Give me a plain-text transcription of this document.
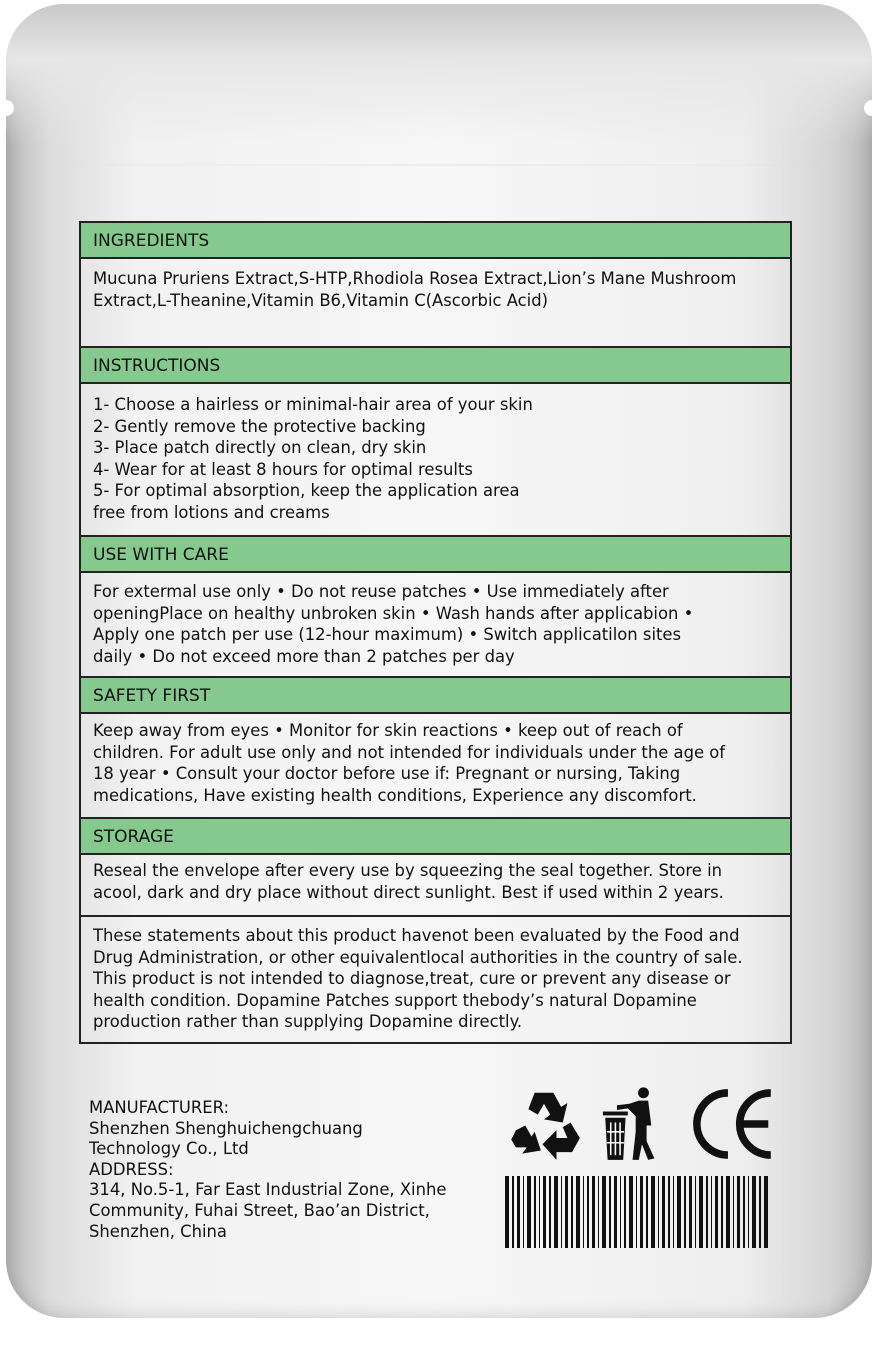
INGREDIENTS
Mucuna Pruriens Extract,S-HTP,Rhodiola Rosea Extract,Lion’s Mane Mushroom
Extract,L-Theanine,Vitamin B6,Vitamin C(Ascorbic Acid)
INSTRUCTIONS
1- Choose a hairless or minimal-hair area of your skin
2- Gently remove the protective backing
3- Place patch directly on clean, dry skin
4- Wear for at least 8 hours for optimal results
5- For optimal absorption, keep the application area
free from lotions and creams
USE WITH CARE
For extermal use only • Do not reuse patches • Use immediately after
openingPlace on healthy unbroken skin • Wash hands after applicabion •
Apply one patch per use (12-hour maximum) • Switch applicatilon sites
daily • Do not exceed more than 2 patches per day
SAFETY FIRST
Keep away from eyes • Monitor for skin reactions • keep out of reach of
children. For adult use only and not intended for individuals under the age of
18 year • Consult your doctor before use if: Pregnant or nursing, Taking
medications, Have existing health conditions, Experience any discomfort.
STORAGE
Reseal the envelope after every use by squeezing the seal together. Store in
acool, dark and dry place without direct sunlight. Best if used within 2 years.
These statements about this product havenot been evaluated by the Food and
Drug Administration, or other equivalentlocal authorities in the country of sale.
This product is not intended to diagnose,treat, cure or prevent any disease or
health condition. Dopamine Patches support thebody’s natural Dopamine
production rather than supplying Dopamine directly.
MANUFACTURER:
Shenzhen Shenghuichengchuang
Technology Co., Ltd
ADDRESS:
314, No.5-1, Far East Industrial Zone, Xinhe
Community, Fuhai Street, Bao’an District,
Shenzhen, China
